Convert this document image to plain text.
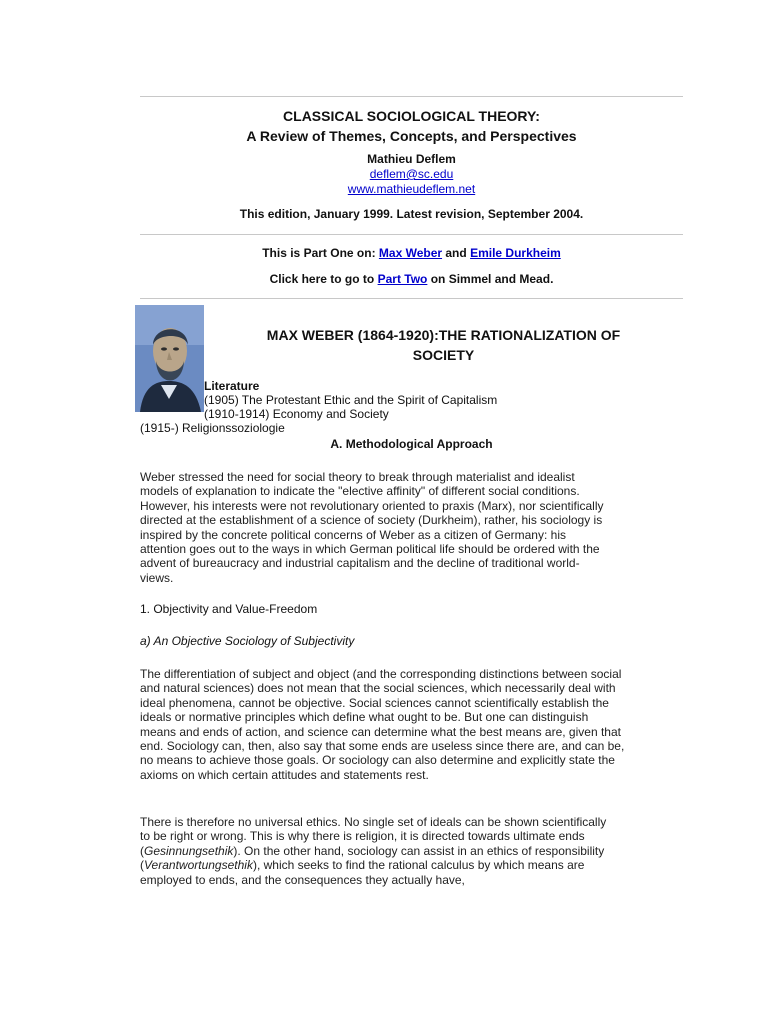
CLASSICAL SOCIOLOGICAL THEORY:
A Review of Themes, Concepts, and Perspectives
Mathieu Deflem
deflem@sc.edu
www.mathieudeflem.net
This edition, January 1999. Latest revision, September 2004.
This is Part One on: Max Weber and Emile Durkheim
Click here to go to Part Two on Simmel and Mead.
MAX WEBER (1864-1920):THE RATIONALIZATION OF
SOCIETY
Literature
(1905) The Protestant Ethic and the Spirit of Capitalism
(1910-1914) Economy and Society
(1915-) Religionssoziologie
A. Methodological Approach

Weber stressed the need for social theory to break through materialist and idealist models of explanation to indicate the "elective affinity" of different social conditions. However, his interests were not revolutionary oriented to praxis (Marx), nor scientifically directed at the establishment of a science of society (Durkheim), rather, his sociology is inspired by the concrete political concerns of Weber as a citizen of Germany: his attention goes out to the ways in which German political life should be ordered with the advent of bureaucracy and industrial capitalism and the decline of traditional world-views.

1. Objectivity and Value-Freedom
a) An Objective Sociology of Subjectivity

The differentiation of subject and object (and the corresponding distinctions between social and natural sciences) does not mean that the social sciences, which necessarily deal with ideal phenomena, cannot be objective. Social sciences cannot scientifically establish the ideals or normative principles which define what ought to be. But one can distinguish means and ends of action, and science can determine what the best means are, given that end. Sociology can, then, also say that some ends are useless since there are, and can be, no means to achieve those goals. Or sociology can also determine and explicitly state the axioms on which certain attitudes and statements rest.

There is therefore no universal ethics. No single set of ideals can be shown scientifically to be right or wrong. This is why there is religion, it is directed towards ultimate ends (Gesinnungsethik). On the other hand, sociology can assist in an ethics of responsibility (Verantwortungsethik), which seeks to find the rational calculus by which means are employed to ends, and the consequences they actually have,
